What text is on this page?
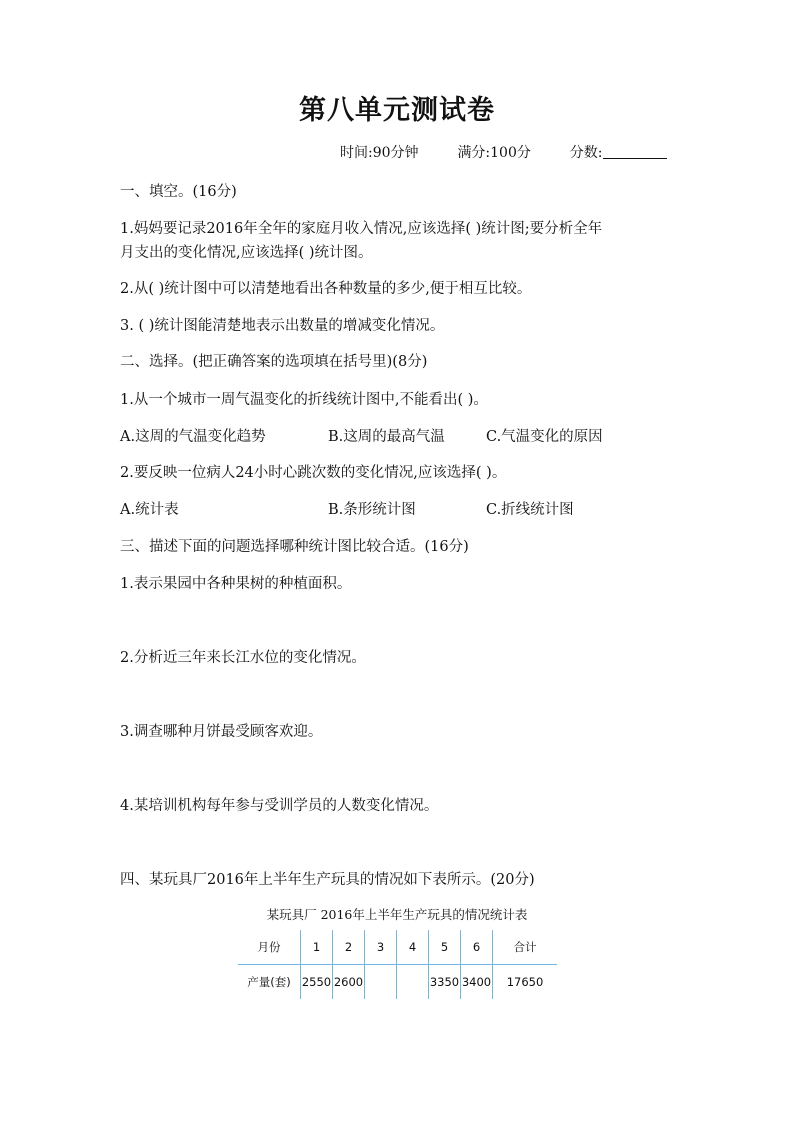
第八单元测试卷
时间:90分钟	满分:100分	分数:
一、填空。(16分)
1.妈妈要记录2016年全年的家庭月收入情况,应该选择( )统计图;要分析全年
月支出的变化情况,应该选择( )统计图。
2.从( )统计图中可以清楚地看出各种数量的多少,便于相互比较。
3. ( )统计图能清楚地表示出数量的增减变化情况。
二、选择。(把正确答案的选项填在括号里)(8分)
1.从一个城市一周气温变化的折线统计图中,不能看出( )。
A.这周的气温变化趋势	B.这周的最高气温	C.气温变化的原因
2.要反映一位病人24小时心跳次数的变化情况,应该选择( )。
A.统计表	B.条形统计图	C.折线统计图
三、描述下面的问题选择哪种统计图比较合适。(16分)
1.表示果园中各种果树的种植面积。
2.分析近三年来长江水位的变化情况。
3.调查哪种月饼最受顾客欢迎。
4.某培训机构每年参与受训学员的人数变化情况。
四、某玩具厂2016年上半年生产玩具的情况如下表所示。(20分)
某玩具厂 2016年上半年生产玩具的情况统计表
月份	1	2	3	4	5	6	合计
产量(套)	2550	2600			3350	3400	17650
